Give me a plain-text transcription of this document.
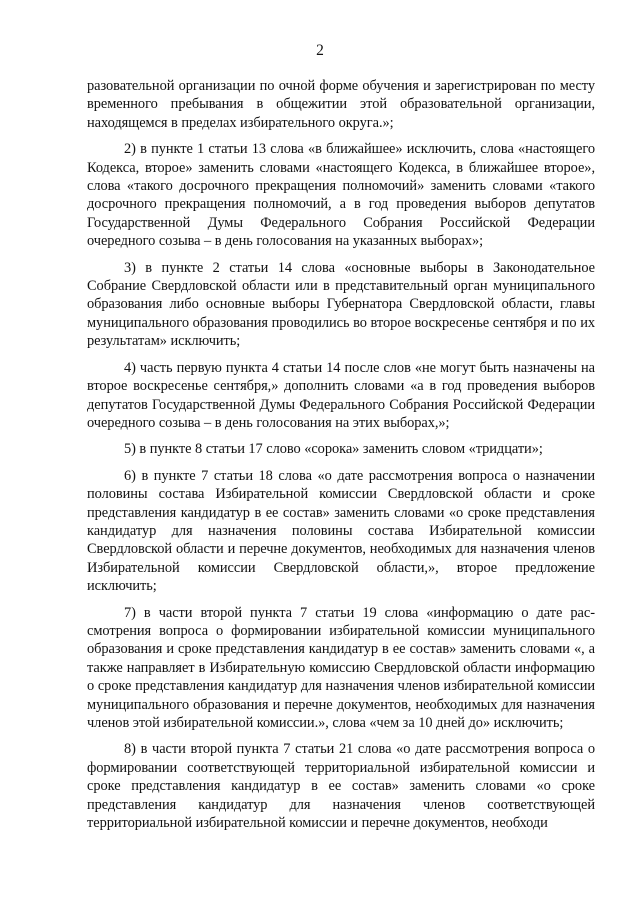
2

разовательной организации по очной форме обучения и зарегистрирован по месту временного пребывания в общежитии этой образовательной организации, находящемся в пределах избирательного округа.»;

2) в пункте 1 статьи 13 слова «в ближайшее» исключить, слова «настоящего Кодекса, второе» заменить словами «настоящего Кодекса, в ближайшее второе», слова «такого досрочного прекращения полномочий» заменить словами «такого досрочного прекращения полномочий, а в год проведения выборов депутатов Государственной Думы Федерального Собрания Российской Федерации очередного созыва – в день голосования на указанных выборах»;

3) в пункте 2 статьи 14 слова «основные выборы в Законодательное Собрание Свердловской области или в представительный орган муниципального образования либо основные выборы Губернатора Свердловской области, главы муниципального образования проводились во второе воскресенье сентября и по их результатам» исключить;

4) часть первую пункта 4 статьи 14 после слов «не могут быть назначены на второе воскресенье сентября,» дополнить словами «а в год проведения выборов депутатов Государственной Думы Федерального Собрания Российской Федерации очередного созыва – в день голосования на этих выборах,»;

5) в пункте 8 статьи 17 слово «сорока» заменить словом «тридцати»;

6) в пункте 7 статьи 18 слова «о дате рассмотрения вопроса о назначении половины состава Избирательной комиссии Свердловской области и сроке представления кандидатур в ее состав» заменить словами «о сроке представления кандидатур для назначения половины состава Избирательной комиссии Свердловской области и перечне документов, необходимых для назначения членов Избирательной комиссии Свердловской области,», второе предложение исключить;

7) в части второй пункта 7 статьи 19 слова «информацию о дате рассмотрения вопроса о формировании избирательной комиссии муниципального образования и сроке представления кандидатур в ее состав» заменить словами «, а также направляет в Избирательную комиссию Свердловской области информацию о сроке представления кандидатур для назначения членов избирательной комиссии муниципального образования и перечне документов, необходимых для назначения членов этой избирательной комиссии.», слова «чем за 10 дней до» исключить;

8) в части второй пункта 7 статьи 21 слова «о дате рассмотрения вопроса о формировании соответствующей территориальной избирательной комиссии и сроке представления кандидатур в ее состав» заменить словами «о сроке представления кандидатур для назначения членов соответствующей территориальной избирательной комиссии и перечне документов, необходи
